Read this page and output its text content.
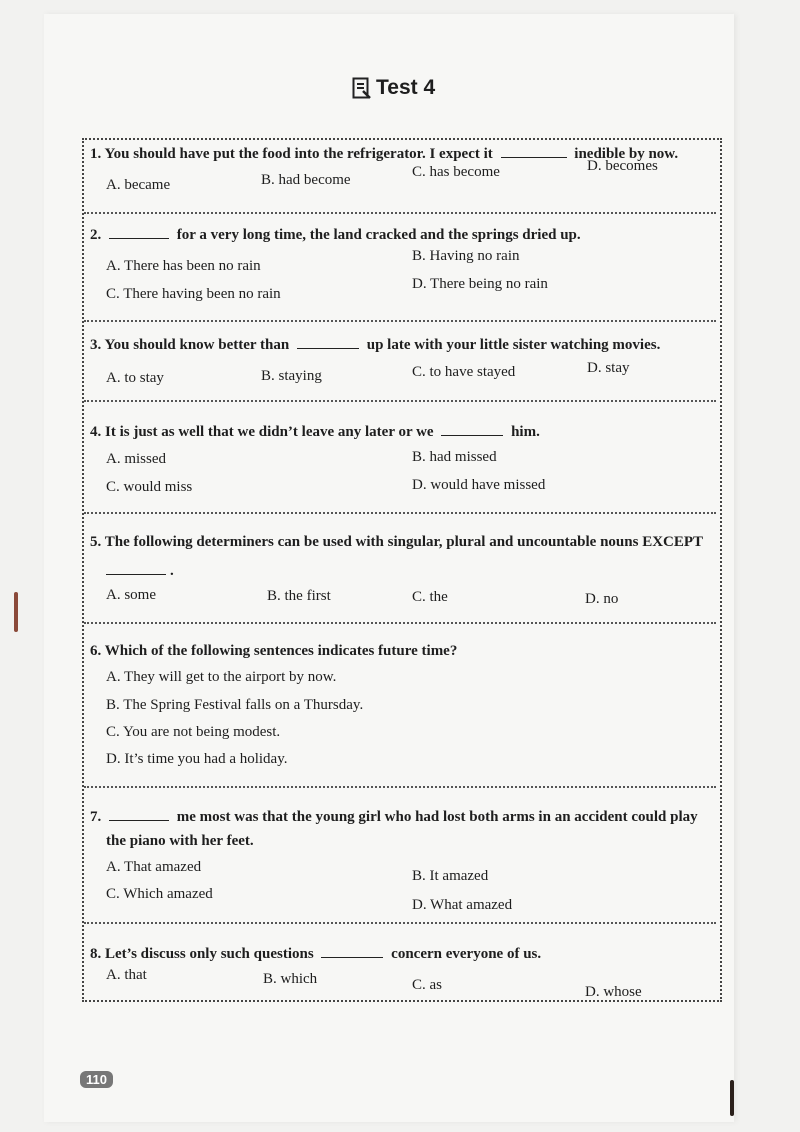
Test 4
1. You should have put the food into the refrigerator. I expect it	inedible by now.
A. became	B. had become	C. has become	D. becomes
2.	for a very long time, the land cracked and the springs dried up.
A. There has been no rain
B. Having no rain
C. There having been no rain
D. There being no rain
3. You should know better than	up late with your little sister watching movies.
A. to stay	B. staying	C. to have stayed	D. stay
4. It is just as well that we didn’t leave any later or we	him.
A. missed	B. had missed
C. would miss	D. would have missed
5. The following determiners can be used with singular, plural and uncountable nouns EXCEPT
.
A. some	B. the first	C. the	D. no
6. Which of the following sentences indicates future time?
A. They will get to the airport by now.
B. The Spring Festival falls on a Thursday.
C. You are not being modest.
D. It’s time you had a holiday.
7.	me most was that the young girl who had lost both arms in an accident could play
the piano with her feet.
A. That amazed
B. It amazed
C. Which amazed
D. What amazed
8. Let’s discuss only such questions	concern everyone of us.
A. that	B. which	C. as	D. whose
110
